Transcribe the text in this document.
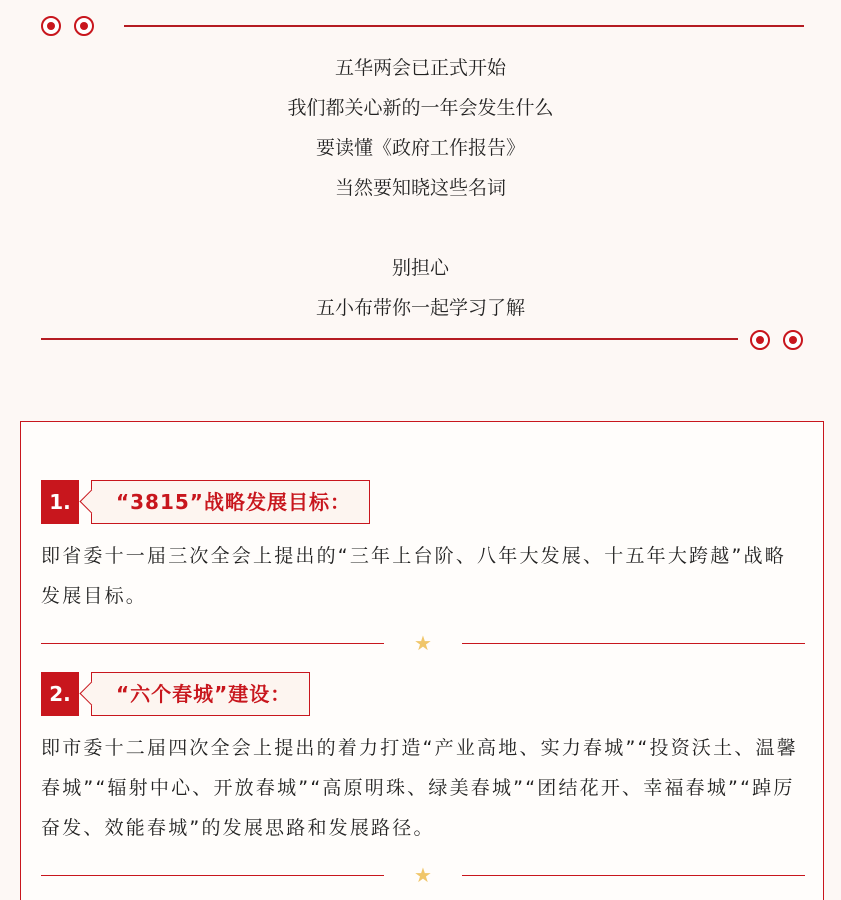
五华两会已正式开始
我们都关心新的一年会发生什么
要读懂《政府工作报告》
当然要知晓这些名词
别担心
五小布带你一起学习了解
1.	“3815”战略发展目标：
即省委十一届三次全会上提出的“三年上台阶、八年大发展、十五年大跨越”战略发展目标。
★
2.	“六个春城”建设：
即市委十二届四次全会上提出的着力打造“产业高地、实力春城”“投资沃土、温馨春城”“辐射中心、开放春城”“高原明珠、绿美春城”“团结花开、幸福春城”“踔厉奋发、效能春城”的发展思路和发展路径。
★
